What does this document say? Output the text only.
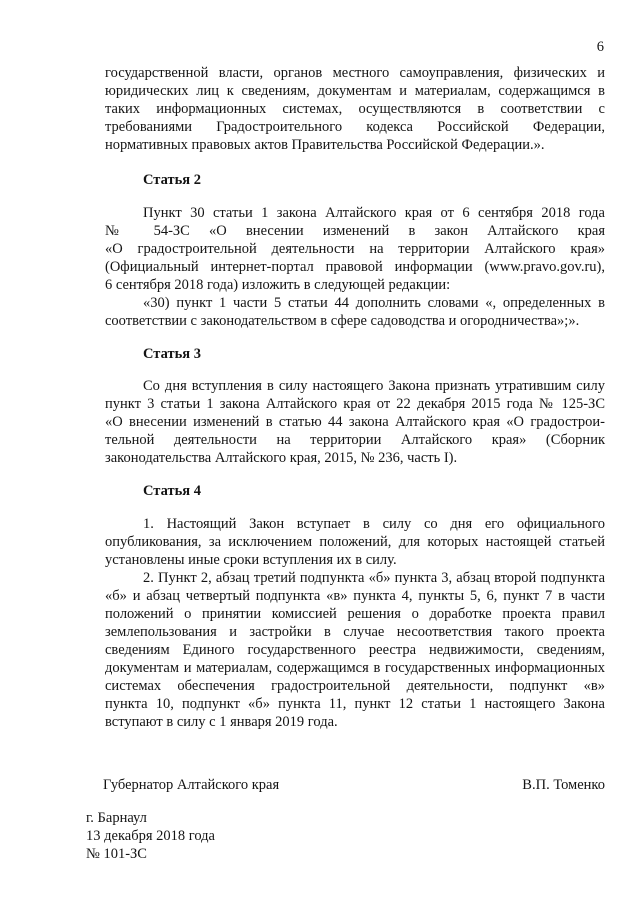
6
государственной власти, органов местного самоуправления, физических и
юридических лиц к сведениям, документам и материалам, содержащимся в
таких информационных системах, осуществляются в соответствии с
требованиями Градостроительного кодекса Российской Федерации,
нормативных правовых актов Правительства Российской Федерации.».
Статья 2
Пункт 30 статьи 1 закона Алтайского края от 6 сентября 2018 года
№ 54-ЗС «О внесении изменений в закон Алтайского края
«О градостроительной деятельности на территории Алтайского края»
(Официальный интернет-портал правовой информации (www.pravo.gov.ru),
6 сентября 2018 года) изложить в следующей редакции:
«30) пункт 1 части 5 статьи 44 дополнить словами «, определенных в
соответствии с законодательством в сфере садоводства и огородничества»;».
Статья 3
Со дня вступления в силу настоящего Закона признать утратившим силу
пункт 3 статьи 1 закона Алтайского края от 22 декабря 2015 года № 125-ЗС
«О внесении изменений в статью 44 закона Алтайского края «О градострои-
тельной деятельности на территории Алтайского края» (Сборник
законодательства Алтайского края, 2015, № 236, часть I).
Статья 4
1. Настоящий Закон вступает в силу со дня его официального
опубликования, за исключением положений, для которых настоящей статьей
установлены иные сроки вступления их в силу.
2. Пункт 2, абзац третий подпункта «б» пункта 3, абзац второй подпункта
«б» и абзац четвертый подпункта «в» пункта 4, пункты 5, 6, пункт 7 в части
положений о принятии комиссией решения о доработке проекта правил
землепользования и застройки в случае несоответствия такого проекта
сведениям Единого государственного реестра недвижимости, сведениям,
документам и материалам, содержащимся в государственных информационных
системах обеспечения градостроительной деятельности, подпункт «в»
пункта 10, подпункт «б» пункта 11, пункт 12 статьи 1 настоящего Закона
вступают в силу с 1 января 2019 года.
Губернатор Алтайского края	В.П. Томенко
г. Барнаул
13 декабря 2018 года
№ 101-ЗС
